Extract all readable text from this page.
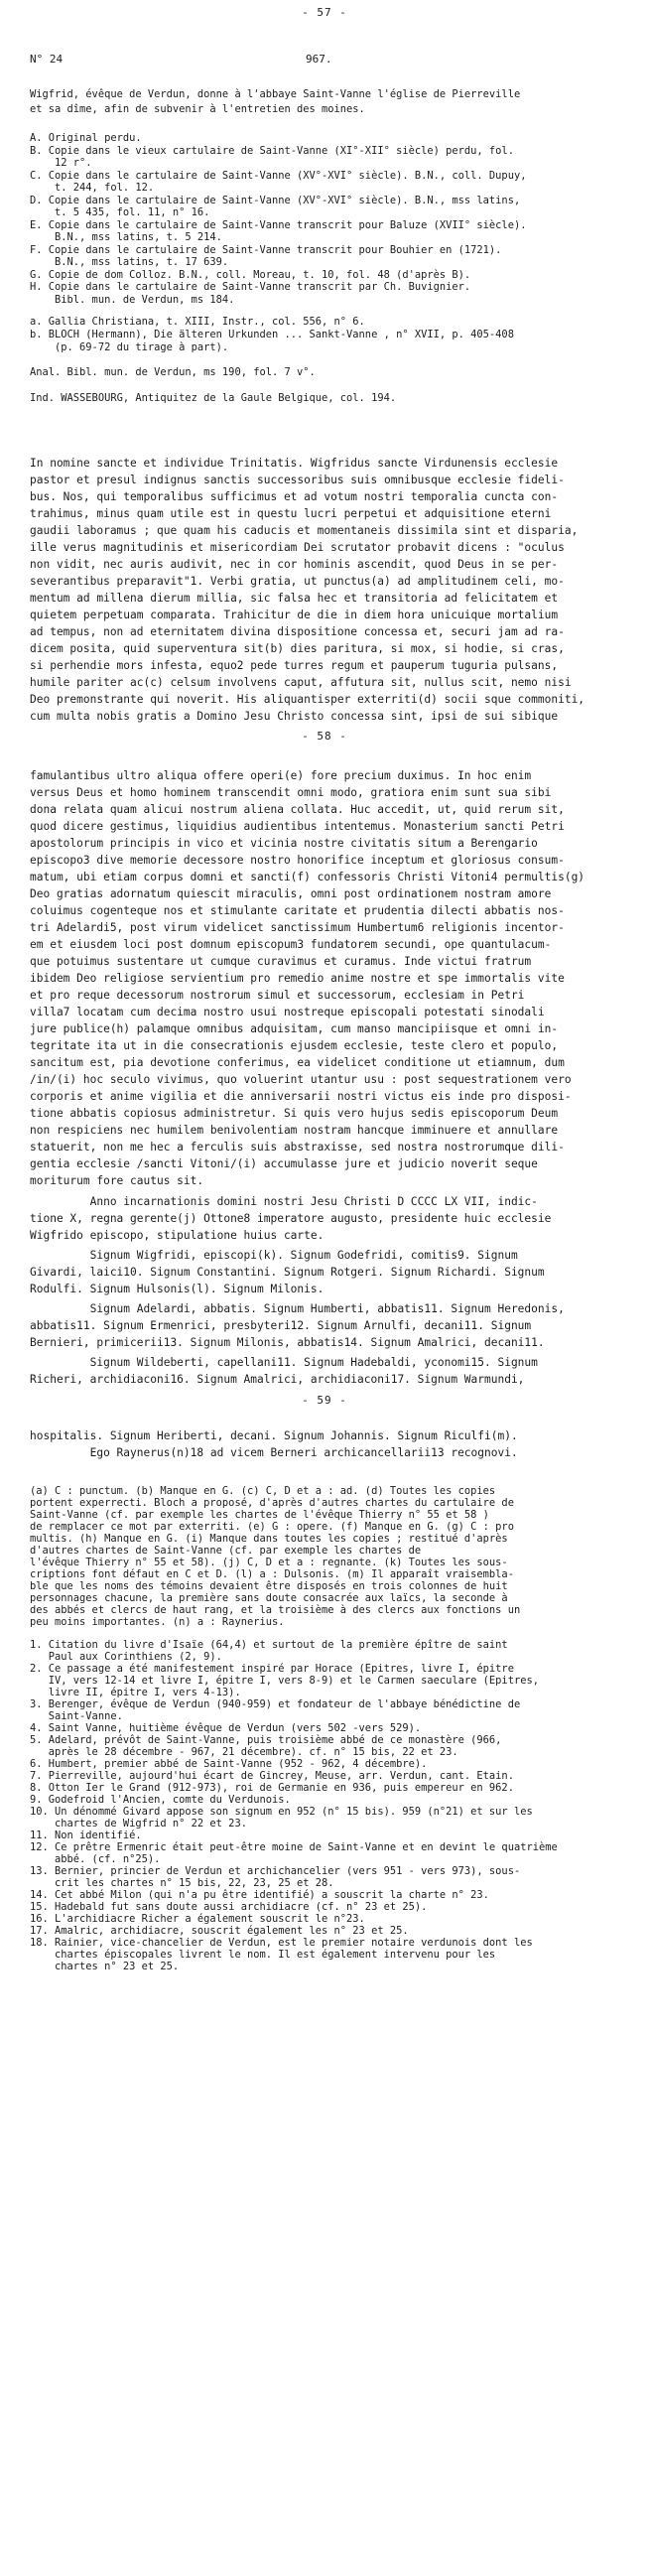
- 57 -
N° 24	967.
Wigfrid, évêque de Verdun, donne à l'abbaye Saint-Vanne l'église de Pierreville
et sa dîme, afin de subvenir à l'entretien des moines.
A. Original perdu.
B. Copie dans le vieux cartulaire de Saint-Vanne (XI°-XII° siècle) perdu, fol.
12 r°.
C. Copie dans le cartulaire de Saint-Vanne (XV°-XVI° siècle). B.N., coll. Dupuy,
t. 244, fol. 12.
D. Copie dans le cartulaire de Saint-Vanne (XV°-XVI° siècle). B.N., mss latins,
t. 5 435, fol. 11, n° 16.
E. Copie dans le cartulaire de Saint-Vanne transcrit pour Baluze (XVII° siècle).
B.N., mss latins, t. 5 214.
F. Copie dans le cartulaire de Saint-Vanne transcrit pour Bouhier en (1721).
B.N., mss latins, t. 17 639.
G. Copie de dom Colloz. B.N., coll. Moreau, t. 10, fol. 48 (d'après B).
H. Copie dans le cartulaire de Saint-Vanne transcrit par Ch. Buvignier.
Bibl. mun. de Verdun, ms 184.
a. Gallia Christiana, t. XIII, Instr., col. 556, n° 6.
b. BLOCH (Hermann), Die älteren Urkunden ... Sankt-Vanne , n° XVII, p. 405-408
(p. 69-72 du tirage à part).
Anal. Bibl. mun. de Verdun, ms 190, fol. 7 v°.
Ind. WASSEBOURG, Antiquitez de la Gaule Belgique, col. 194.
In nomine sancte et individue Trinitatis. Wigfridus sancte Virdunensis ecclesie
pastor et presul indignus sanctis successoribus suis omnibusque ecclesie fideli-
bus. Nos, qui temporalibus sufficimus et ad votum nostri temporalia cuncta con-
trahimus, minus quam utile est in questu lucri perpetui et adquisitione eterni
gaudii laboramus ; que quam his caducis et momentaneis dissimila sint et disparia,
ille verus magnitudinis et misericordiam Dei scrutator probavit dicens : "oculus
non vidit, nec auris audivit, nec in cor hominis ascendit, quod Deus in se per-
severantibus preparavit"1. Verbi gratia, ut punctus(a) ad amplitudinem celi, mo-
mentum ad millena dierum millia, sic falsa hec et transitoria ad felicitatem et
quietem perpetuam comparata. Trahicitur de die in diem hora unicuique mortalium
ad tempus, non ad eternitatem divina dispositione concessa et, securi jam ad ra-
dicem posita, quid superventura sit(b) dies paritura, si mox, si hodie, si cras,
si perhendie mors infesta, equo2 pede turres regum et pauperum tuguria pulsans,
humile pariter ac(c) celsum involvens caput, affutura sit, nullus scit, nemo nisi
Deo premonstrante qui noverit. His aliquantisper exterriti(d) socii sque commoniti,
cum multa nobis gratis a Domino Jesu Christo concessa sint, ipsi de sui sibique
- 58 -
famulantibus ultro aliqua offere operi(e) fore precium duximus. In hoc enim
versus Deus et homo hominem transcendit omni modo, gratiora enim sunt sua sibi
dona relata quam alicui nostrum aliena collata. Huc accedit, ut, quid rerum sit,
quod dicere gestimus, liquidius audientibus intentemus. Monasterium sancti Petri
apostolorum principis in vico et vicinia nostre civitatis situm a Berengario
episcopo3 dive memorie decessore nostro honorifice inceptum et gloriosus consum-
matum, ubi etiam corpus domni et sancti(f) confessoris Christi Vitoni4 permultis(g)
Deo gratias adornatum quiescit miraculis, omni post ordinationem nostram amore
coluimus cogenteque nos et stimulante caritate et prudentia dilecti abbatis nos-
tri Adelardi5, post virum videlicet sanctissimum Humbertum6 religionis incentor-
em et eiusdem loci post domnum episcopum3 fundatorem secundi, ope quantulacum-
que potuimus sustentare ut cumque curavimus et curamus. Inde victui fratrum
ibidem Deo religiose servientium pro remedio anime nostre et spe immortalis vite
et pro reque decessorum nostrorum simul et successorum, ecclesiam in Petri
villa7 locatam cum decima nostro usui nostreque episcopali potestati sinodali
jure publice(h) palamque omnibus adquisitam, cum manso mancipiisque et omni in-
tegritate ita ut in die consecrationis ejusdem ecclesie, teste clero et populo,
sancitum est, pia devotione conferimus, ea videlicet conditione ut etiamnum, dum
/in/(i) hoc seculo vivimus, quo voluerint utantur usu : post sequestrationem vero
corporis et anime vigilia et die anniversarii nostri victus eis inde pro disposi-
tione abbatis copiosus administretur. Si quis vero hujus sedis episcoporum Deum
non respiciens nec humilem benivolentiam nostram hancque imminuere et annullare
statuerit, non me hec a ferculis suis abstraxisse, sed nostra nostrorumque dili-
gentia ecclesie /sancti Vitoni/(i) accumulasse jure et judicio noverit seque
moriturum fore cautus sit.
Anno incarnationis domini nostri Jesu Christi D CCCC LX VII, indic-
tione X, regna gerente(j) Ottone8 imperatore augusto, presidente huic ecclesie
Wigfrido episcopo, stipulatione huius carte.
Signum Wigfridi, episcopi(k). Signum Godefridi, comitis9. Signum
Givardi, laici10. Signum Constantini. Signum Rotgeri. Signum Richardi. Signum
Rodulfi. Signum Hulsonis(l). Signum Milonis.
Signum Adelardi, abbatis. Signum Humberti, abbatis11. Signum Heredonis,
abbatis11. Signum Ermenrici, presbyteri12. Signum Arnulfi, decani11. Signum
Bernieri, primicerii13. Signum Milonis, abbatis14. Signum Amalrici, decani11.
Signum Wildeberti, capellani11. Signum Hadebaldi, yconomi15. Signum
Richeri, archidiaconi16. Signum Amalrici, archidiaconi17. Signum Warmundi,
- 59 -
hospitalis. Signum Heriberti, decani. Signum Johannis. Signum Riculfi(m).
Ego Raynerus(n)18 ad vicem Berneri archicancellarii13 recognovi.
(a) C : punctum. (b) Manque en G. (c) C, D et a : ad. (d) Toutes les copies
portent experrecti. Bloch a proposé, d'après d'autres chartes du cartulaire de
Saint-Vanne (cf. par exemple les chartes de l'évêque Thierry n° 55 et 58 )
de remplacer ce mot par exterriti. (e) G : opere. (f) Manque en G. (g) C : pro
multis. (h) Manque en G. (i) Manque dans toutes les copies ; restitué d'après
d'autres chartes de Saint-Vanne (cf. par exemple les chartes de
l'évêque Thierry n° 55 et 58). (j) C, D et a : regnante. (k) Toutes les sous-
criptions font défaut en C et D. (l) a : Dulsonis. (m) Il apparaît vraisembla-
ble que les noms des témoins devaient être disposés en trois colonnes de huit
personnages chacune, la première sans doute consacrée aux laïcs, la seconde à
des abbés et clercs de haut rang, et la troisième à des clercs aux fonctions un
peu moins importantes. (n) a : Raynerius.
1. Citation du livre d'Isaïe (64,4) et surtout de la première épître de saint
Paul aux Corinthiens (2, 9).
2. Ce passage a été manifestement inspiré par Horace (Epitres, livre I, épitre
IV, vers 12-14 et livre I, épitre I, vers 8-9) et le Carmen saeculare (Epitres,
livre II, épitre I, vers 4-13).
3. Berenger, évêque de Verdun (940-959) et fondateur de l'abbaye bénédictine de
Saint-Vanne.
4. Saint Vanne, huitième évêque de Verdun (vers 502 -vers 529).
5. Adelard, prévôt de Saint-Vanne, puis troisième abbé de ce monastère (966,
après le 28 décembre - 967, 21 décembre). cf. n° 15 bis, 22 et 23.
6. Humbert, premier abbé de Saint-Vanne (952 - 962, 4 décembre).
7. Pierreville, aujourd'hui écart de Gincrey, Meuse, arr. Verdun, cant. Etain.
8. Otton Ier le Grand (912-973), roi de Germanie en 936, puis empereur en 962.
9. Godefroid l'Ancien, comte du Verdunois.
10. Un dénommé Givard appose son signum en 952 (n° 15 bis). 959 (n°21) et sur les
chartes de Wigfrid n° 22 et 23.
11. Non identifié.
12. Ce prêtre Ermenric était peut-être moine de Saint-Vanne et en devint le quatrième
abbé. (cf. n°25).
13. Bernier, princier de Verdun et archichancelier (vers 951 - vers 973), sous-
crit les chartes n° 15 bis, 22, 23, 25 et 28.
14. Cet abbé Milon (qui n'a pu être identifié) a souscrit la charte n° 23.
15. Hadebald fut sans doute aussi archidiacre (cf. n° 23 et 25).
16. L'archidiacre Richer a également souscrit le n°23.
17. Amalric, archidiacre, souscrit également les n° 23 et 25.
18. Rainier, vice-chancelier de Verdun, est le premier notaire verdunois dont les
chartes épiscopales livrent le nom. Il est également intervenu pour les
chartes n° 23 et 25.
